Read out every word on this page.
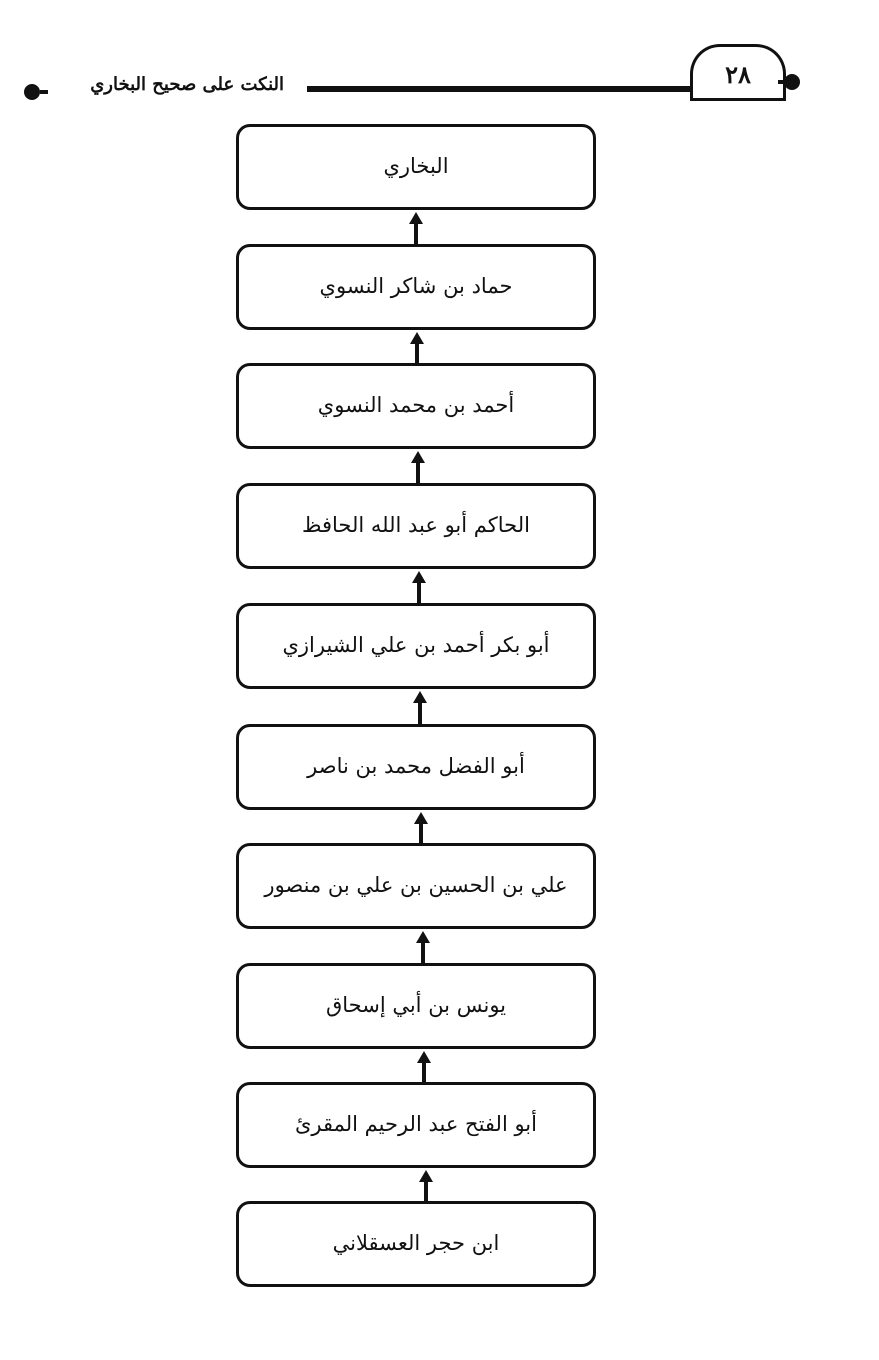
النكت على صحيح البخاري	٢٨
البخاري
حماد بن شاكر النسوي
أحمد بن محمد النسوي
الحاكم أبو عبد الله الحافظ
أبو بكر أحمد بن علي الشيرازي
أبو الفضل محمد بن ناصر
علي بن الحسين بن علي بن منصور
يونس بن أبي إسحاق
أبو الفتح عبد الرحيم المقرئ
ابن حجر العسقلاني
